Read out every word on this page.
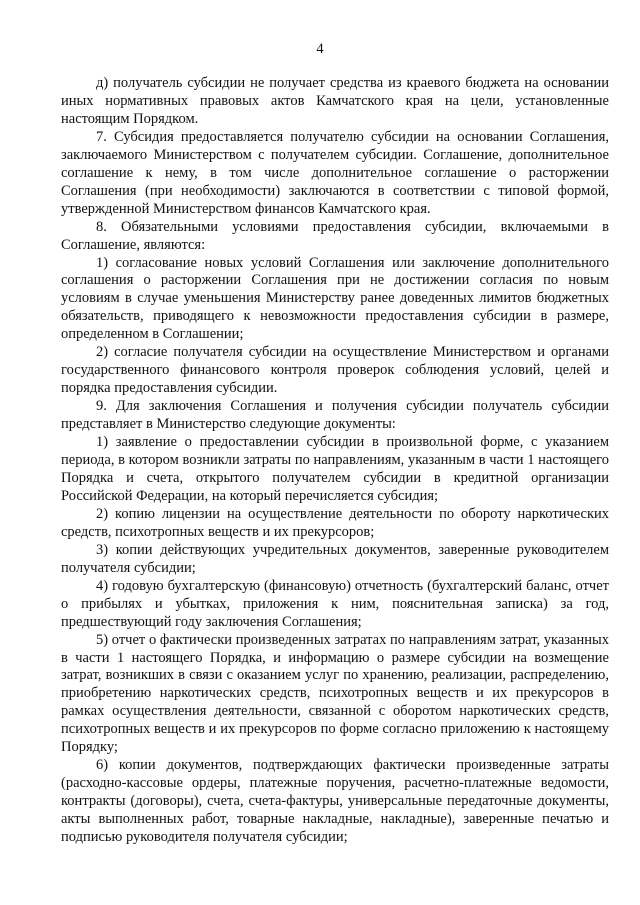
4

д) получатель субсидии не получает средства из краевого бюджета на основании иных нормативных правовых актов Камчатского края на цели, установленные настоящим Порядком.

7. Субсидия предоставляется получателю субсидии на основании Соглашения, заключаемого Министерством с получателем субсидии. Соглашение, дополнительное соглашение к нему, в том числе дополнительное соглашение о расторжении Соглашения (при необходимости) заключаются в соответствии с типовой формой, утвержденной Министерством финансов Камчатского края.

8. Обязательными условиями предоставления субсидии, включаемыми в Соглашение, являются:

1) согласование новых условий Соглашения или заключение дополнительного соглашения о расторжении Соглашения при не достижении согласия по новым условиям в случае уменьшения Министерству ранее доведенных лимитов бюджетных обязательств, приводящего к невозможности предоставления субсидии в размере, определенном в Соглашении;

2) согласие получателя субсидии на осуществление Министерством и органами государственного финансового контроля проверок соблюдения условий, целей и порядка предоставления субсидии.

9. Для заключения Соглашения и получения субсидии получатель субсидии представляет в Министерство следующие документы:

1) заявление о предоставлении субсидии в произвольной форме, с указанием периода, в котором возникли затраты по направлениям, указанным в части 1 настоящего Порядка и счета, открытого получателем субсидии в кредитной организации Российской Федерации, на который перечисляется субсидия;

2) копию лицензии на осуществление деятельности по обороту наркотических средств, психотропных веществ и их прекурсоров;

3) копии действующих учредительных документов, заверенные руководителем получателя субсидии;

4) годовую бухгалтерскую (финансовую) отчетность (бухгалтерский баланс, отчет о прибылях и убытках, приложения к ним, пояснительная записка) за год, предшествующий году заключения Соглашения;

5) отчет о фактически произведенных затратах по направлениям затрат, указанных в части 1 настоящего Порядка, и информацию о размере субсидии на возмещение затрат, возникших в связи с оказанием услуг по хранению, реализации, распределению, приобретению наркотических средств, психотропных веществ и их прекурсоров в рамках осуществления деятельности, связанной с оборотом наркотических средств, психотропных веществ и их прекурсоров по форме согласно приложению к настоящему Порядку;

6) копии документов, подтверждающих фактически произведенные затраты (расходно-кассовые ордеры, платежные поручения, расчетно-платежные ведомости, контракты (договоры), счета, счета-фактуры, универсальные передаточные документы, акты выполненных работ, товарные накладные, накладные), заверенные печатью и подписью руководителя получателя субсидии;
